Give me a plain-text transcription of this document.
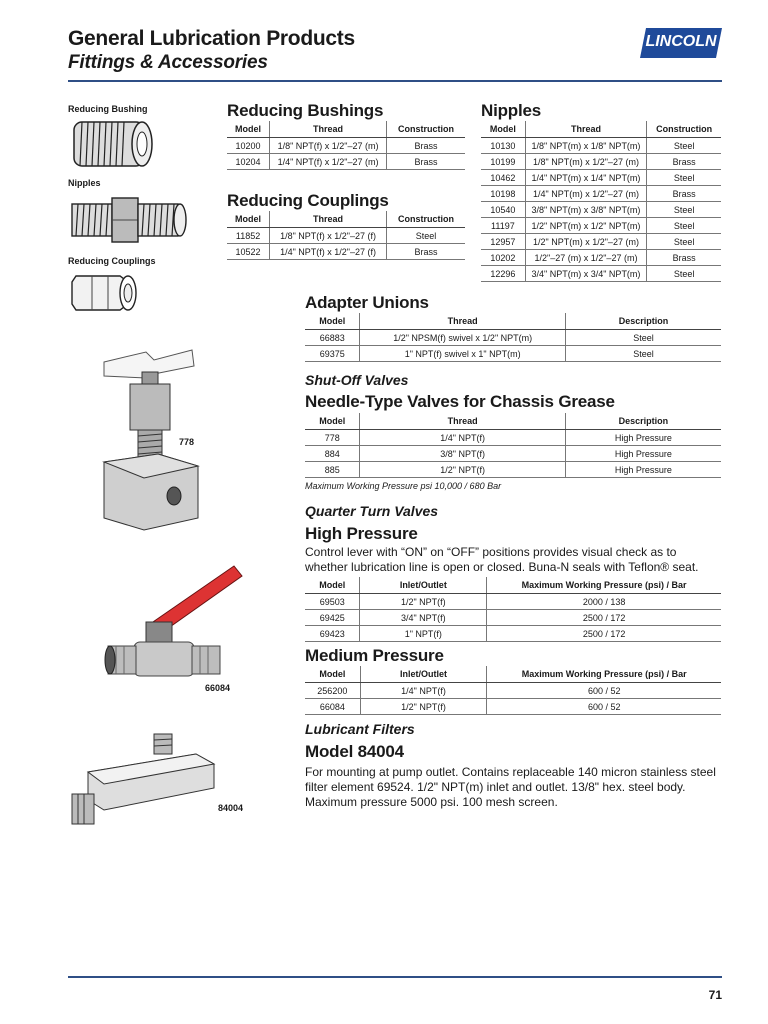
General Lubrication Products
Fittings & Accessories
LINCOLN
Reducing Bushing
Nipples
Reducing Couplings
778
66084
84004
Reducing Bushings
Model	Thread	Construction
10200	1/8" NPT(f) x 1/2"–27 (m)	Brass
10204	1/4" NPT(f) x 1/2"–27 (m)	Brass
Reducing Couplings
Model	Thread	Construction
11852	1/8" NPT(f) x 1/2"–27 (f)	Steel
10522	1/4" NPT(f) x 1/2"–27 (f)	Brass
Nipples
Model	Thread	Construction
10130	1/8" NPT(m) x 1/8" NPT(m)	Steel
10199	1/8" NPT(m) x 1/2"–27 (m)	Brass
10462	1/4" NPT(m) x 1/4" NPT(m)	Steel
10198	1/4" NPT(m) x 1/2"–27 (m)	Brass
10540	3/8" NPT(m) x 3/8" NPT(m)	Steel
11197	1/2" NPT(m) x 1/2" NPT(m)	Steel
12957	1/2" NPT(m) x 1/2"–27 (m)	Steel
10202	1/2"–27 (m) x 1/2"–27 (m)	Brass
12296	3/4" NPT(m) x 3/4" NPT(m)	Steel
Adapter Unions
Model	Thread	Description
66883	1/2" NPSM(f) swivel x 1/2" NPT(m)	Steel
69375	1" NPT(f) swivel x 1" NPT(m)	Steel
Shut-Off Valves
Needle-Type Valves for Chassis Grease
Model	Thread	Description
778	1/4" NPT(f)	High Pressure
884	3/8" NPT(f)	High Pressure
885	1/2" NPT(f)	High Pressure
Maximum Working Pressure psi 10,000 / 680 Bar
Quarter Turn Valves
High Pressure
Control lever with “ON” on “OFF” positions provides visual check as to whether lubrication line is open or closed. Buna-N seals with Teflon® seat.
Model	Inlet/Outlet	Maximum Working Pressure (psi) / Bar
69503	1/2" NPT(f)	2000 / 138
69425	3/4" NPT(f)	2500 / 172
69423	1" NPT(f)	2500 / 172
Medium Pressure
Model	Inlet/Outlet	Maximum Working Pressure (psi) / Bar
256200	1/4" NPT(f)	600 / 52
66084	1/2" NPT(f)	600 / 52
Lubricant Filters
Model 84004
For mounting at pump outlet. Contains replaceable 140 micron stainless steel filter element 69524. 1/2" NPT(m) inlet and outlet. 13/8" hex. steel body. Maximum pressure 5000 psi. 100 mesh screen.
71
